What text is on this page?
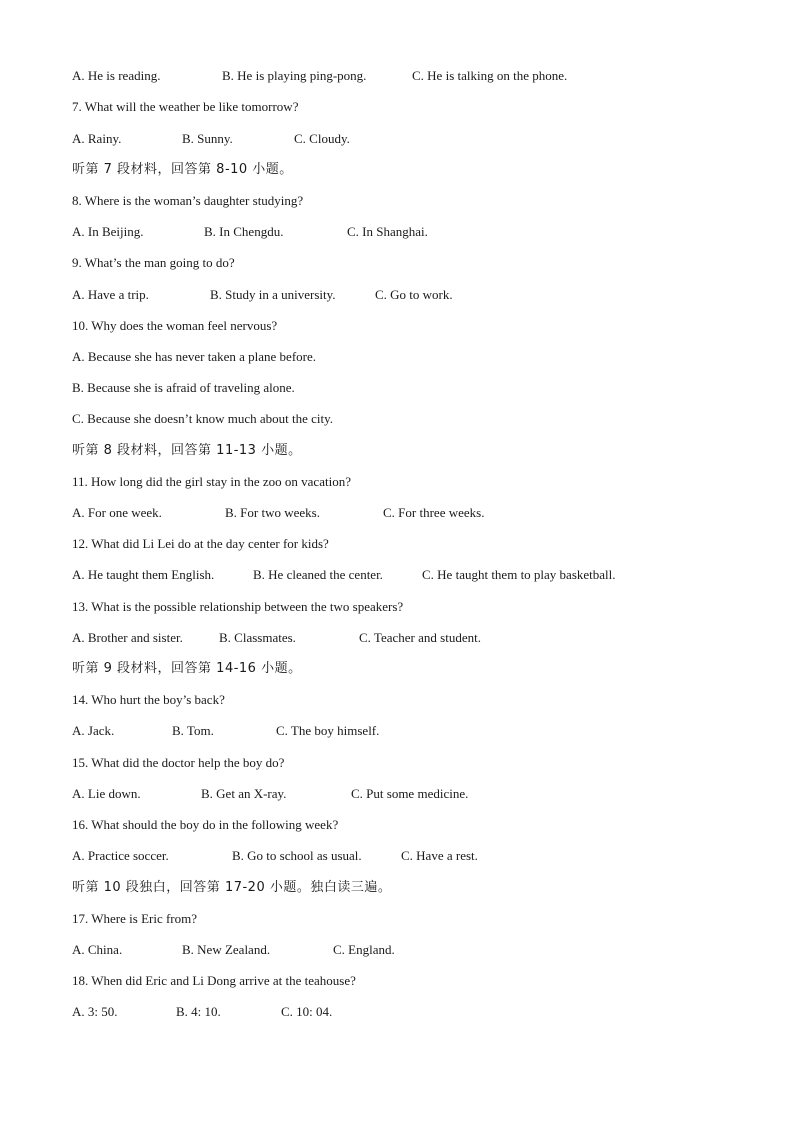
A. He is reading.	B. He is playing ping-pong.	C. He is talking on the phone.
7. What will the weather be like tomorrow?
A. Rainy.	B. Sunny.	C. Cloudy.
听第 7 段材料，回答第 8-10 小题。
8. Where is the woman’s daughter studying?
A. In Beijing.	B. In Chengdu.	C. In Shanghai.
9. What’s the man going to do?
A. Have a trip.	B. Study in a university.	C. Go to work.
10. Why does the woman feel nervous?
A. Because she has never taken a plane before.
B. Because she is afraid of traveling alone.
C. Because she doesn’t know much about the city.
听第 8 段材料，回答第 11-13 小题。
11. How long did the girl stay in the zoo on vacation?
A. For one week.	B. For two weeks.	C. For three weeks.
12. What did Li Lei do at the day center for kids?
A. He taught them English.	B. He cleaned the center.	C. He taught them to play basketball.
13. What is the possible relationship between the two speakers?
A. Brother and sister.	B. Classmates.	C. Teacher and student.
听第 9 段材料，回答第 14-16 小题。
14. Who hurt the boy’s back?
A. Jack.	B. Tom.	C. The boy himself.
15. What did the doctor help the boy do?
A. Lie down.	B. Get an X-ray.	C. Put some medicine.
16. What should the boy do in the following week?
A. Practice soccer.	B. Go to school as usual.	C. Have a rest.
听第 10 段独白，回答第 17-20 小题。独白读三遍。
17. Where is Eric from?
A. China.	B. New Zealand.	C. England.
18. When did Eric and Li Dong arrive at the teahouse?
A. 3: 50.	B. 4: 10.	C. 10: 04.
